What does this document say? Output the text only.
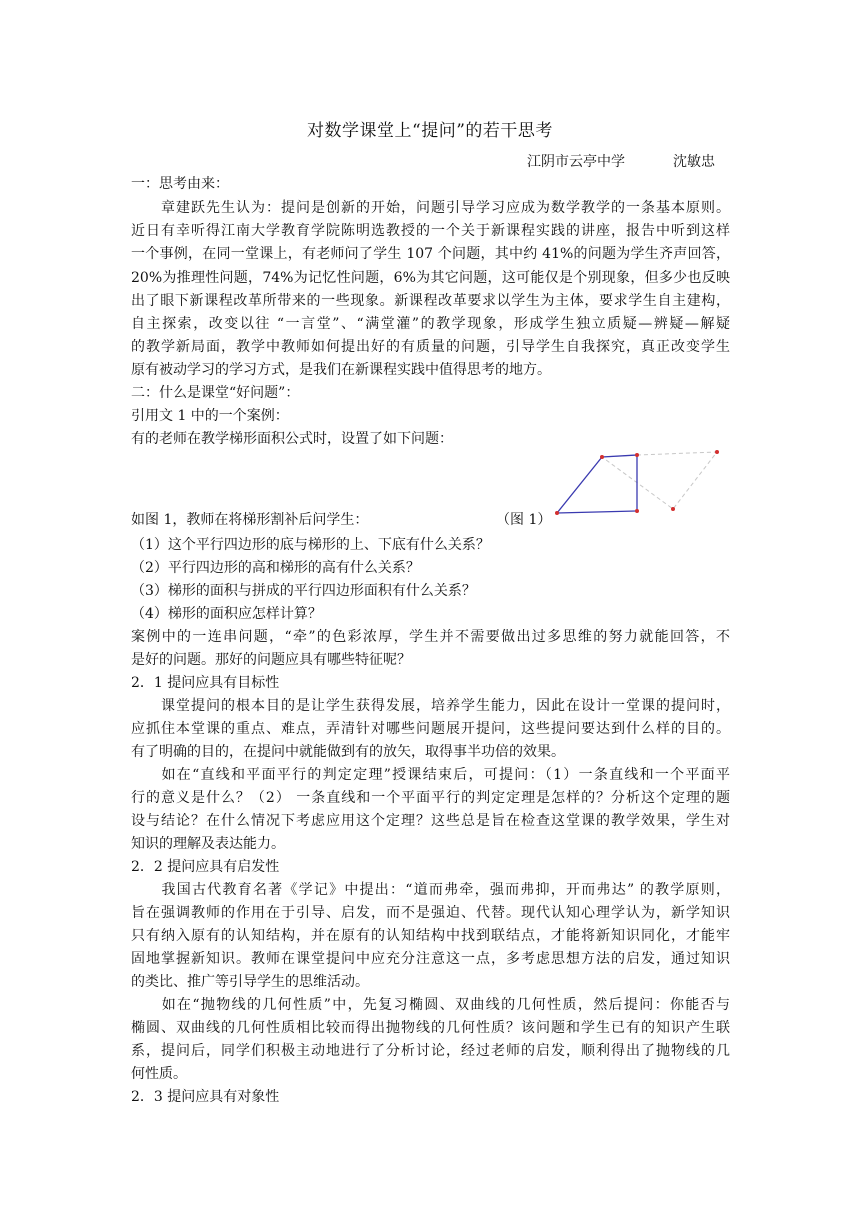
对数学课堂上“提问”的若干思考
江阴市云亭中学	沈敏忠
一：思考由来：
　　章建跃先生认为：提问是创新的开始，问题引导学习应成为数学教学的一条基本原则。
近日有幸听得江南大学教育学院陈明选教授的一个关于新课程实践的讲座，报告中听到这样
一个事例，在同一堂课上，有老师问了学生 107 个问题，其中约 41%的问题为学生齐声回答，
20%为推理性问题，74%为记忆性问题，6%为其它问题，这可能仅是个别现象，但多少也反映
出了眼下新课程改革所带来的一些现象。新课程改革要求以学生为主体，要求学生自主建构，
自主探索，改变以往 “一言堂”、“满堂灌”的教学现象，形成学生独立质疑—辨疑—解疑
的教学新局面，教学中教师如何提出好的有质量的问题，引导学生自我探究，真正改变学生
原有被动学习的学习方式，是我们在新课程实践中值得思考的地方。
二：什么是课堂“好问题”：
引用文 1 中的一个案例：
有的老师在教学梯形面积公式时，设置了如下问题：
如图 1，教师在将梯形割补后问学生：	（图 1）
（1）这个平行四边形的底与梯形的上、下底有什么关系？
（2）平行四边形的高和梯形的高有什么关系？
（3）梯形的面积与拼成的平行四边形面积有什么关系？
（4）梯形的面积应怎样计算？
案例中的一连串问题，“牵”的色彩浓厚，学生并不需要做出过多思维的努力就能回答，不
是好的问题。那好的问题应具有哪些特征呢？
2．1 提问应具有目标性
　　课堂提问的根本目的是让学生获得发展，培养学生能力，因此在设计一堂课的提问时，
应抓住本堂课的重点、难点，弄清针对哪些问题展开提问，这些提问要达到什么样的目的。
有了明确的目的，在提问中就能做到有的放矢，取得事半功倍的效果。
　　如在“直线和平面平行的判定定理”授课结束后，可提问：（1）一条直线和一个平面平
行的意义是什么？（2） 一条直线和一个平面平行的判定定理是怎样的？分析这个定理的题
设与结论？在什么情况下考虑应用这个定理？这些总是旨在检查这堂课的教学效果，学生对
知识的理解及表达能力。
2．2 提问应具有启发性
　　我国古代教育名著《学记》中提出：“道而弗牵，强而弗抑，开而弗达” 的教学原则，
旨在强调教师的作用在于引导、启发，而不是强迫、代替。现代认知心理学认为，新学知识
只有纳入原有的认知结构，并在原有的认知结构中找到联结点，才能将新知识同化，才能牢
固地掌握新知识。教师在课堂提问中应充分注意这一点，多考虑思想方法的启发，通过知识
的类比、推广等引导学生的思维活动。
　　如在“抛物线的几何性质”中，先复习椭圆、双曲线的几何性质，然后提问：你能否与
椭圆、双曲线的几何性质相比较而得出抛物线的几何性质？该问题和学生已有的知识产生联
系，提问后，同学们积极主动地进行了分析讨论，经过老师的启发，顺利得出了抛物线的几
何性质。
2．3 提问应具有对象性
